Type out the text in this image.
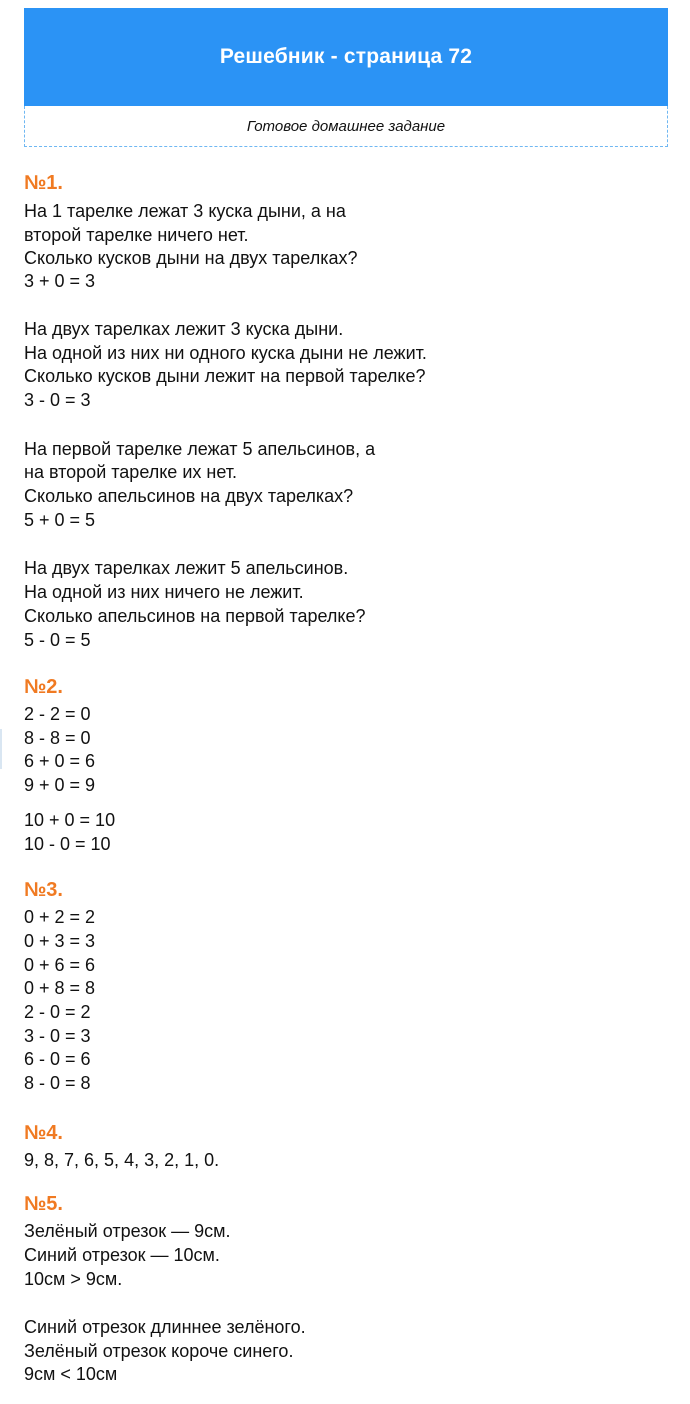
Решебник - страница 72
Готовое домашнее задание
№1.
На 1 тарелке лежат 3 куска дыни, а на
второй тарелке ничего нет.
Сколько кусков дыни на двух тарелках?
3 + 0 = 3
На двух тарелках лежит 3 куска дыни.
На одной из них ни одного куска дыни не лежит.
Сколько кусков дыни лежит на первой тарелке?
3 - 0 = 3
На первой тарелке лежат 5 апельсинов, а
на второй тарелке их нет.
Сколько апельсинов на двух тарелках?
5 + 0 = 5
На двух тарелках лежит 5 апельсинов.
На одной из них ничего не лежит.
Сколько апельсинов на первой тарелке?
5 - 0 = 5
№2.
2 - 2 = 0
8 - 8 = 0
6 + 0 = 6
9 + 0 = 9
10 + 0 = 10
10 - 0 = 10
№3.
0 + 2 = 2
0 + 3 = 3
0 + 6 = 6
0 + 8 = 8
2 - 0 = 2
3 - 0 = 3
6 - 0 = 6
8 - 0 = 8
№4.
9, 8, 7, 6, 5, 4, 3, 2, 1, 0.
№5.
Зелёный отрезок — 9см.
Синий отрезок — 10см.
10см > 9см.
Синий отрезок длиннее зелёного.
Зелёный отрезок короче синего.
9см < 10см
